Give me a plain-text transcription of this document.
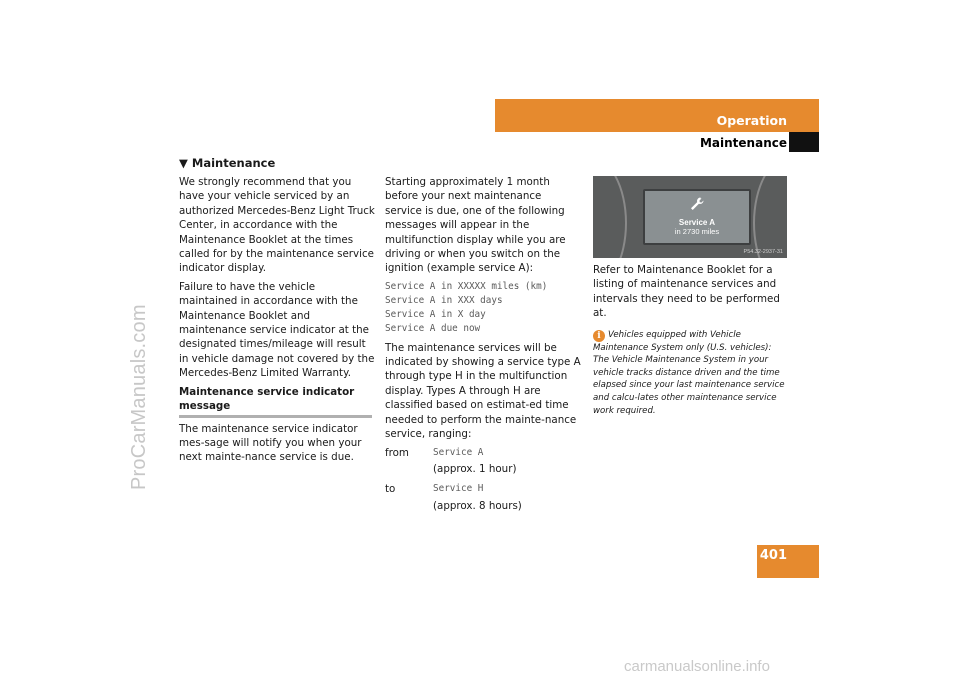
ProCarManuals.com
carmanualsonline.info
Operation
Maintenance
▼ Maintenance

We strongly recommend that you have your vehicle serviced by an authorized Mercedes-Benz Light Truck Center, in accordance with the Maintenance Booklet at the times called for by the maintenance service indicator display.

Failure to have the vehicle maintained in accordance with the Maintenance Booklet and maintenance service indicator at the designated times/mileage will result in vehicle damage not covered by the Mercedes-Benz Limited Warranty.

Maintenance service indicator message

The maintenance service indicator mes-sage will notify you when your next mainte-nance service is due.

Starting approximately 1 month before your next maintenance service is due, one of the following messages will appear in the multifunction display while you are driving or when you switch on the ignition (example service A):

Service A in XXXXX miles (km)
Service A in XXX days
Service A in X day
Service A due now

The maintenance services will be indicated by showing a service type A through type H in the multifunction display. Types A through H are classified based on estimat-ed time needed to perform the mainte-nance service, ranging:

from	Service A
(approx. 1 hour)
to	Service H
(approx. 8 hours)
Service A
in 2730 miles
P54.32-2937-31

Refer to Maintenance Booklet for a listing of maintenance services and intervals they need to be performed at.

i Vehicles equipped with Vehicle Maintenance System only (U.S. vehicles):
The Vehicle Maintenance System in your vehicle tracks distance driven and the time elapsed since your last maintenance service and calcu-lates other maintenance service work required.
401
